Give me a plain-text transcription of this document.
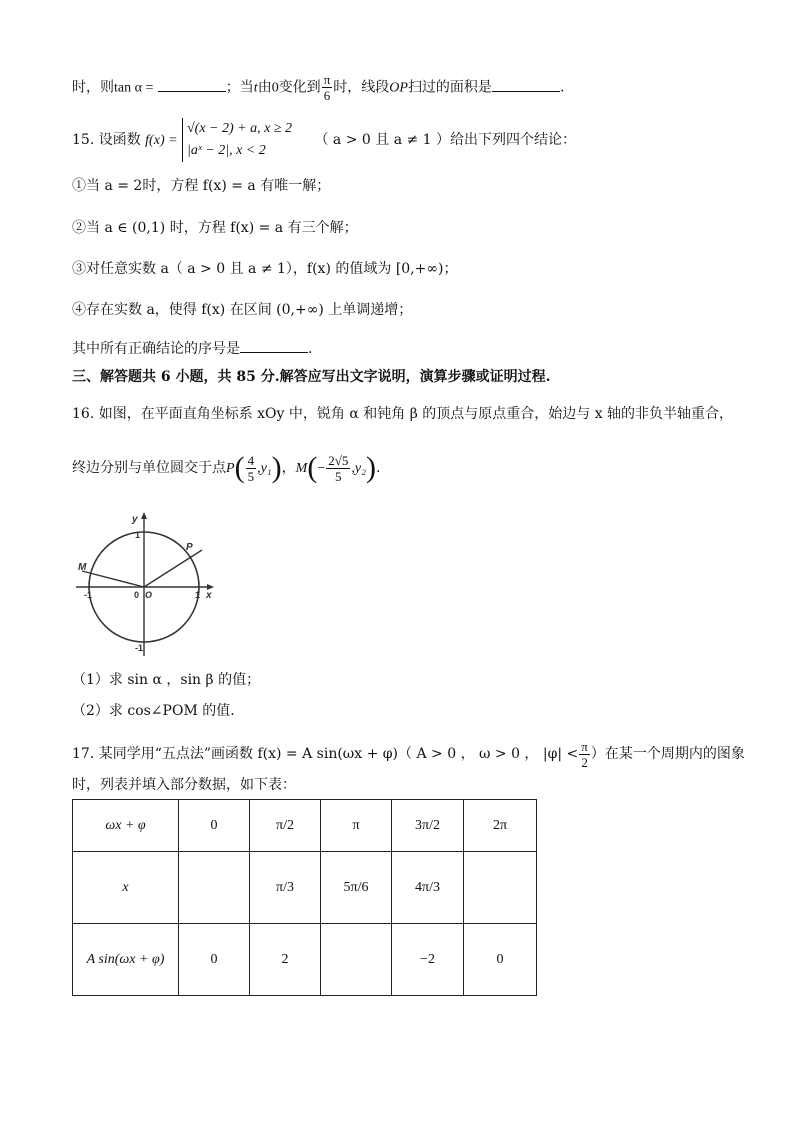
时，则tan α =	；当t由0变化到 $\frac{\pi}{6}$ 时，线段OP扫过的面积是	.
15. 设函数 f(x) =
√(x − 2) + a, x ≥ 2
|aˣ − 2|, x < 2
（ a > 0 且 a ≠ 1 ）给出下列四个结论：
①当 a = 2时，方程 f(x) = a 有唯一解；
②当 a ∈ (0,1) 时，方程 f(x) = a 有三个解；
③对任意实数 a（ a > 0 且 a ≠ 1），f(x) 的值域为 [0,+∞)；
④存在实数 a，使得 f(x) 在区间 (0,+∞) 上单调递增；
其中所有正确结论的序号是	.
三、解答题共 6 小题，共 85 分.解答应写出文字说明，演算步骤或证明过程.
16. 如图，在平面直角坐标系 xOy 中，锐角 α 和钝角 β 的顶点与原点重合，始边与 x 轴的非负半轴重合，
终边分别与单位圆交于点$P( \frac{4}{5} ,y_1)$，$M(- \frac{2√5}{5} ,y_2)$.
y
x
P
M
-1	0 O	1
-1
1
（1）求 sin α ，sin β 的值；
（2）求 cos∠POM 的值.
17. 某同学用“五点法”画函数 f(x) = A sin(ωx + φ)（ A > 0 ， ω > 0 ， $|\varphi| < \frac{\pi}{2}$ ）在某一个周期内的图象
时，列表并填入部分数据，如下表：
ωx + φ	0	π/2	π	3π/2	2π
x		π/3	5π/6	4π/3	
A sin(ωx + φ)	0	2		−2	0
